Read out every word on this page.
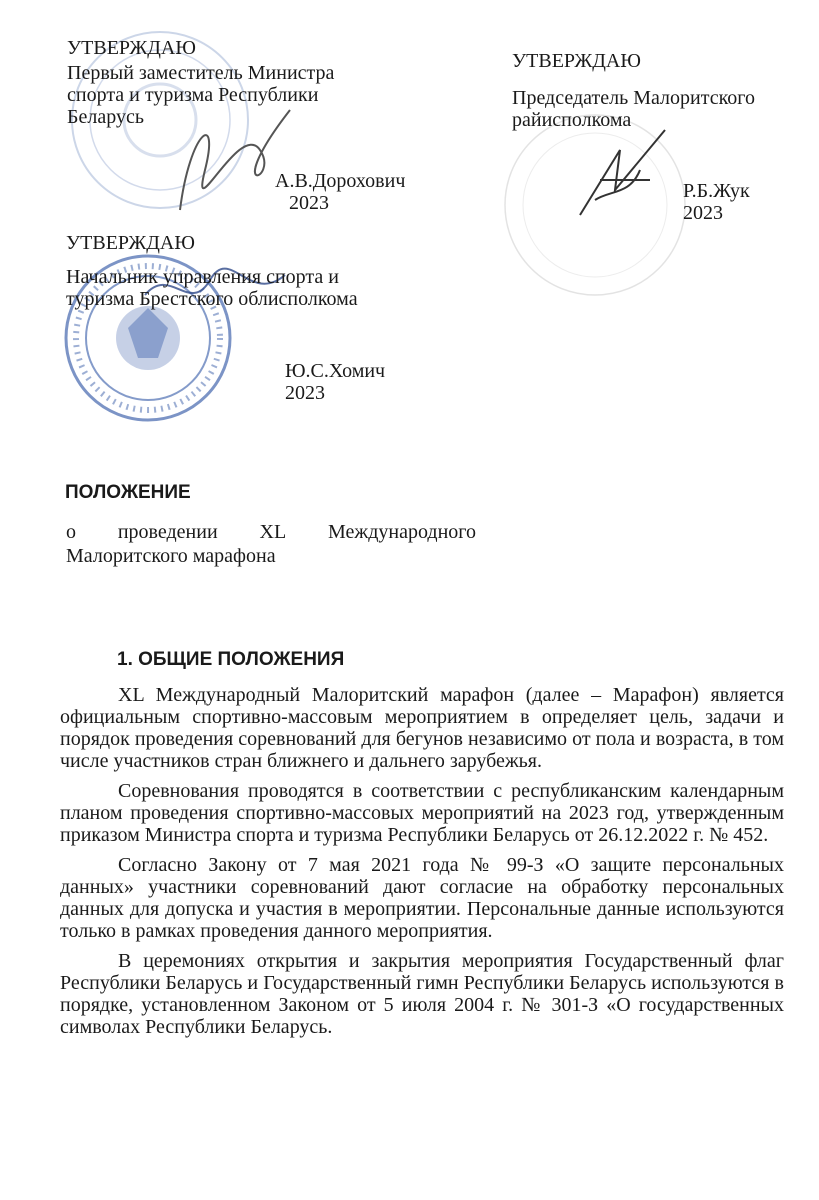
УТВЕРЖДАЮ
Первый заместитель Министра
спорта и туризма Республики
Беларусь
А.В.Дорохович
2023
УТВЕРЖДАЮ
Председатель Малоритского
райисполкома
Р.Б.Жук
2023
УТВЕРЖДАЮ
Начальник управления спорта и
туризма Брестского облисполкома
Ю.С.Хомич
2023
ПОЛОЖЕНИЕ
о проведении XL Международного
Малоритского марафона
1. ОБЩИЕ ПОЛОЖЕНИЯ

XL Международный Малоритский марафон (далее – Марафон) является официальным спортивно-массовым мероприятием в определяет цель, задачи и порядок проведения соревнований для бегунов независимо от пола и возраста, в том числе участников стран ближнего и дальнего зарубежья.

Соревнования проводятся в соответствии с республиканским календарным планом проведения спортивно-массовых мероприятий на 2023 год, утвержденным приказом Министра спорта и туризма Республики Беларусь от 26.12.2022 г. № 452.

Согласно Закону от 7 мая 2021 года № 99-З «О защите персональных данных» участники соревнований дают согласие на обработку персональных данных для допуска и участия в мероприятии. Персональные данные используются только в рамках проведения данного мероприятия.

В церемониях открытия и закрытия мероприятия Государственный флаг Республики Беларусь и Государственный гимн Республики Беларусь используются в порядке, установленном Законом от 5 июля 2004 г. № 301-З «О государственных символах Республики Беларусь.
